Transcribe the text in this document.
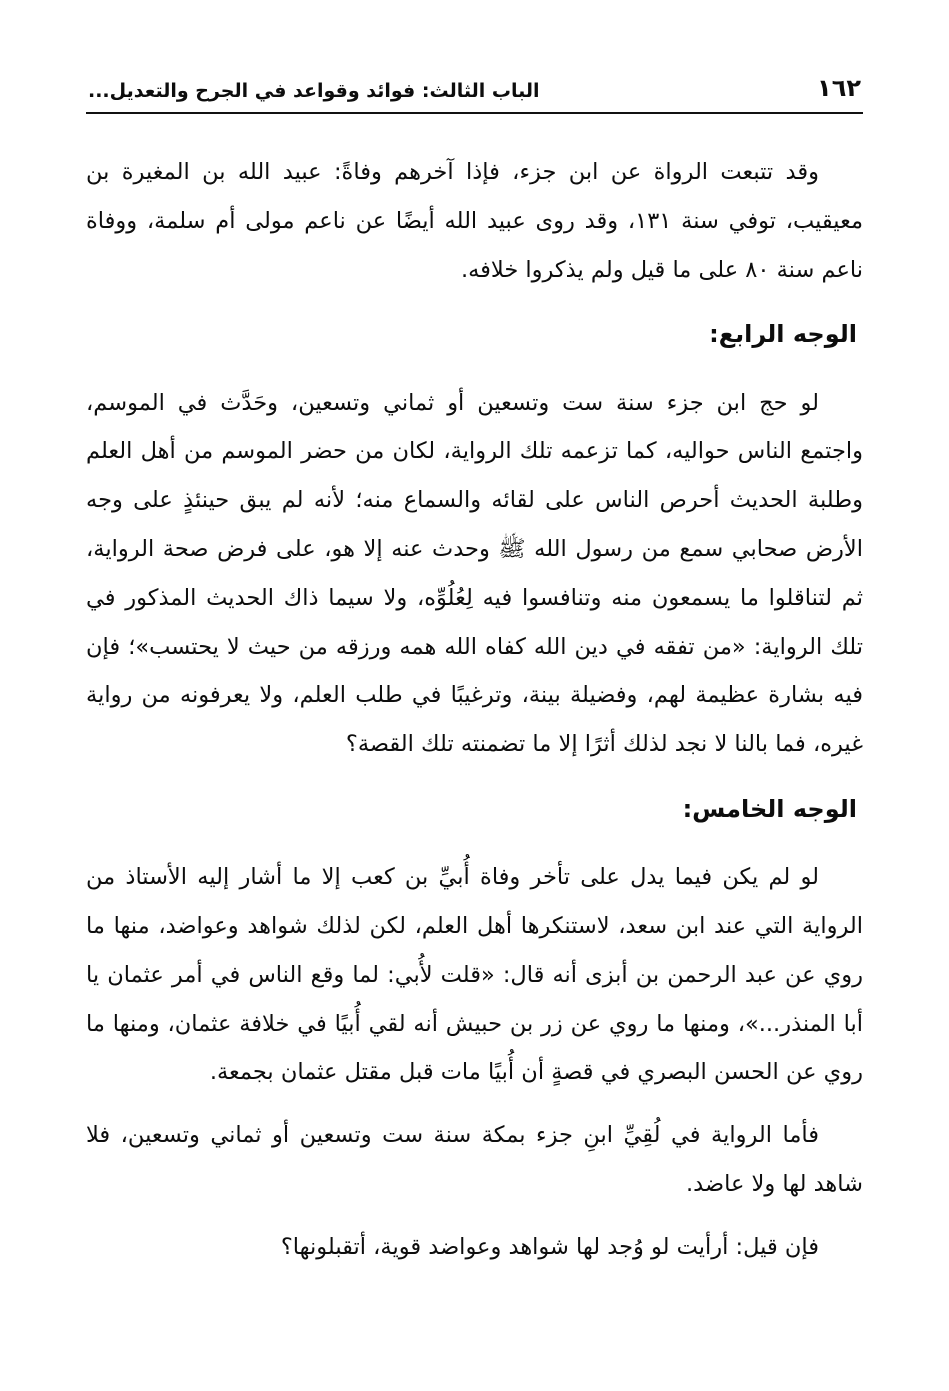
١٦٢
الباب الثالث: فوائد وقواعد في الجرح والتعديل...

وقد تتبعت الرواة عن ابن جزء، فإذا آخرهم وفاةً: عبيد الله بن المغيرة بن معيقيب، توفي سنة ١٣١، وقد روى عبيد الله أيضًا عن ناعم مولى أم سلمة، ووفاة ناعم سنة ٨٠ على ما قيل ولم يذكروا خلافه.

الوجه الرابع:

لو حج ابن جزء سنة ست وتسعين أو ثماني وتسعين، وحَدَّث في الموسم، واجتمع الناس حواليه، كما تزعمه تلك الرواية، لكان من حضر الموسم من أهل العلم وطلبة الحديث أحرص الناس على لقائه والسماع منه؛ لأنه لم يبق حينئذٍ على وجه الأرض صحابي سمع من رسول الله ﷺ وحدث عنه إلا هو، على فرض صحة الرواية، ثم لتناقلوا ما يسمعون منه وتنافسوا فيه لِعُلُوِّه، ولا سيما ذاك الحديث المذكور في تلك الرواية: «من تفقه في دين الله كفاه الله همه ورزقه من حيث لا يحتسب»؛ فإن فيه بشارة عظيمة لهم، وفضيلة بينة، وترغيبًا في طلب العلم، ولا يعرفونه من رواية غيره، فما بالنا لا نجد لذلك أثرًا إلا ما تضمنته تلك القصة؟

الوجه الخامس:

لو لم يكن فيما يدل على تأخر وفاة أُبيِّ بن كعب إلا ما أشار إليه الأستاذ من الرواية التي عند ابن سعد، لاستنكرها أهل العلم، لكن لذلك شواهد وعواضد، منها ما روي عن عبد الرحمن بن أبزى أنه قال: «قلت لأُبي: لما وقع الناس في أمر عثمان يا أبا المنذر...»، ومنها ما روي عن زر بن حبيش أنه لقي أُبيًا في خلافة عثمان، ومنها ما روي عن الحسن البصري في قصةٍ أن أُبيًا مات قبل مقتل عثمان بجمعة.

فأما الرواية في لُقِيِّ ابنِ جزء بمكة سنة ست وتسعين أو ثماني وتسعين، فلا شاهد لها ولا عاضد.

فإن قيل: أرأيت لو وُجد لها شواهد وعواضد قوية، أتقبلونها؟
